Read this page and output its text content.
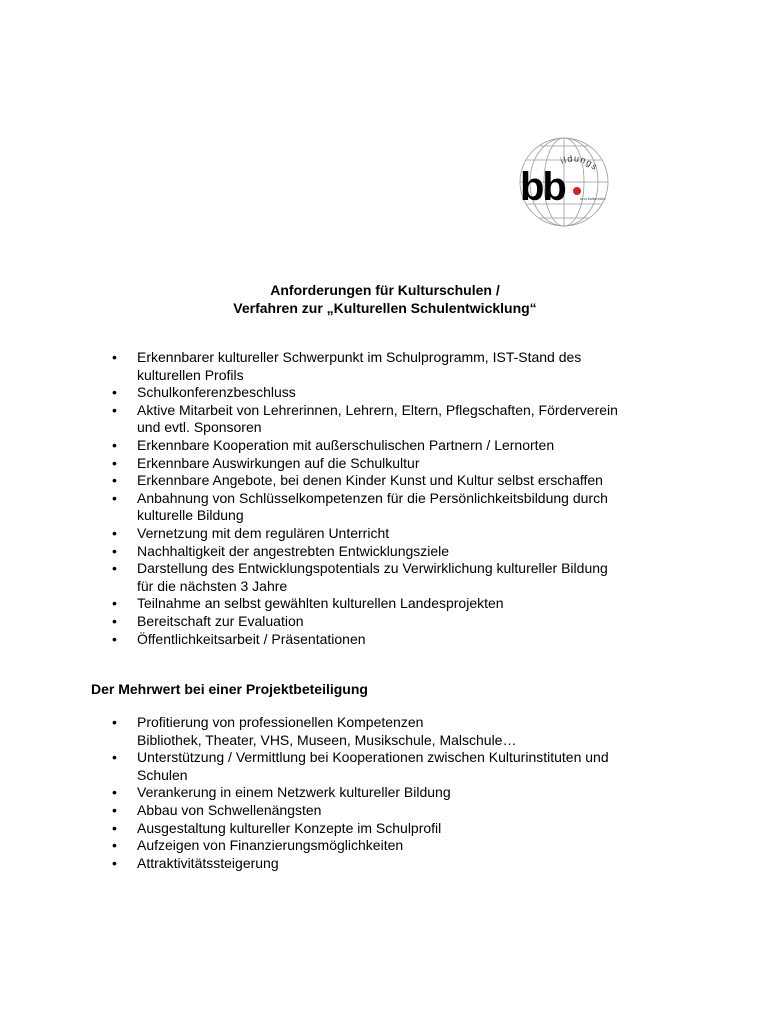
ildungs
bb	und kulturbüro
Anforderungen für Kulturschulen /
Verfahren zur „Kulturellen Schulentwicklung“
• Erkennbarer kultureller Schwerpunkt im Schulprogramm, IST-Stand des
kulturellen Profils
• Schulkonferenzbeschluss
• Aktive Mitarbeit von Lehrerinnen, Lehrern, Eltern, Pflegschaften, Förderverein
und evtl. Sponsoren
• Erkennbare Kooperation mit außerschulischen Partnern / Lernorten
• Erkennbare Auswirkungen auf die Schulkultur
• Erkennbare Angebote, bei denen Kinder Kunst und Kultur selbst erschaffen
• Anbahnung von Schlüsselkompetenzen für die Persönlichkeitsbildung durch
kulturelle Bildung
• Vernetzung mit dem regulären Unterricht
• Nachhaltigkeit der angestrebten Entwicklungsziele
• Darstellung des Entwicklungspotentials zu Verwirklichung kultureller Bildung
für die nächsten 3 Jahre
• Teilnahme an selbst gewählten kulturellen Landesprojekten
• Bereitschaft zur Evaluation
• Öffentlichkeitsarbeit / Präsentationen
Der Mehrwert bei einer Projektbeteiligung
• Profitierung von professionellen Kompetenzen
Bibliothek, Theater, VHS, Museen, Musikschule, Malschule…
• Unterstützung / Vermittlung bei Kooperationen zwischen Kulturinstituten und
Schulen
• Verankerung in einem Netzwerk kultureller Bildung
• Abbau von Schwellenängsten
• Ausgestaltung kultureller Konzepte im Schulprofil
• Aufzeigen von Finanzierungsmöglichkeiten
• Attraktivitätssteigerung
